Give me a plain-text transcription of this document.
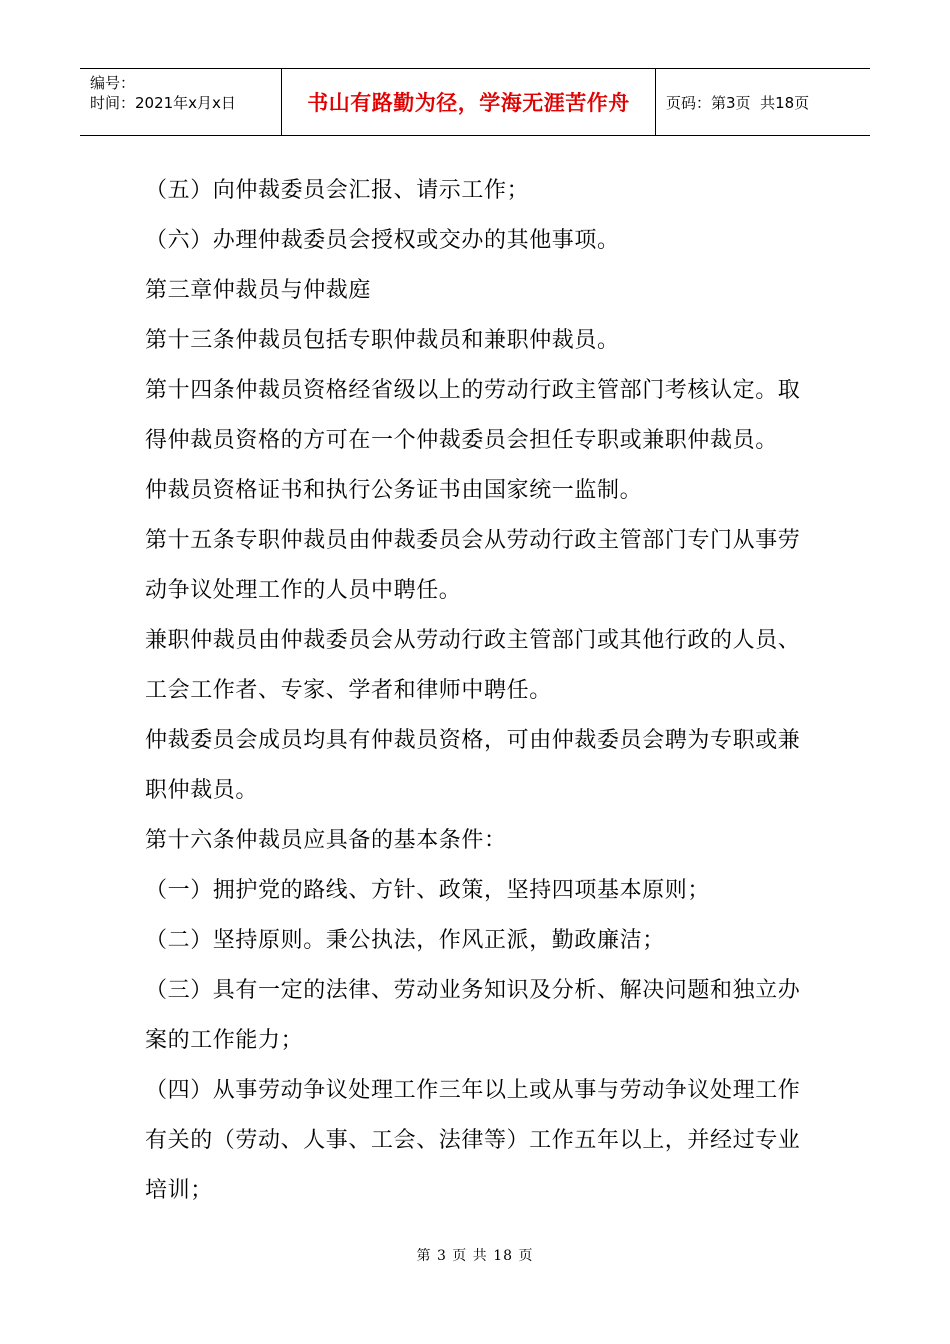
编号：
时间：2021年x月x日	书山有路勤为径，学海无涯苦作舟	页码：第3页  共18页
（五）向仲裁委员会汇报、请示工作；
（六）办理仲裁委员会授权或交办的其他事项。
第三章仲裁员与仲裁庭
第十三条仲裁员包括专职仲裁员和兼职仲裁员。
第十四条仲裁员资格经省级以上的劳动行政主管部门考核认定。取
得仲裁员资格的方可在一个仲裁委员会担任专职或兼职仲裁员。
仲裁员资格证书和执行公务证书由国家统一监制。
第十五条专职仲裁员由仲裁委员会从劳动行政主管部门专门从事劳
动争议处理工作的人员中聘任。
兼职仲裁员由仲裁委员会从劳动行政主管部门或其他行政的人员、
工会工作者、专家、学者和律师中聘任。
仲裁委员会成员均具有仲裁员资格，可由仲裁委员会聘为专职或兼
职仲裁员。
第十六条仲裁员应具备的基本条件：
（一）拥护党的路线、方针、政策，坚持四项基本原则；
（二）坚持原则。秉公执法，作风正派，勤政廉洁；
（三）具有一定的法律、劳动业务知识及分析、解决问题和独立办
案的工作能力；
（四）从事劳动争议处理工作三年以上或从事与劳动争议处理工作
有关的（劳动、人事、工会、法律等）工作五年以上，并经过专业
培训；
第 3 页 共 18 页
